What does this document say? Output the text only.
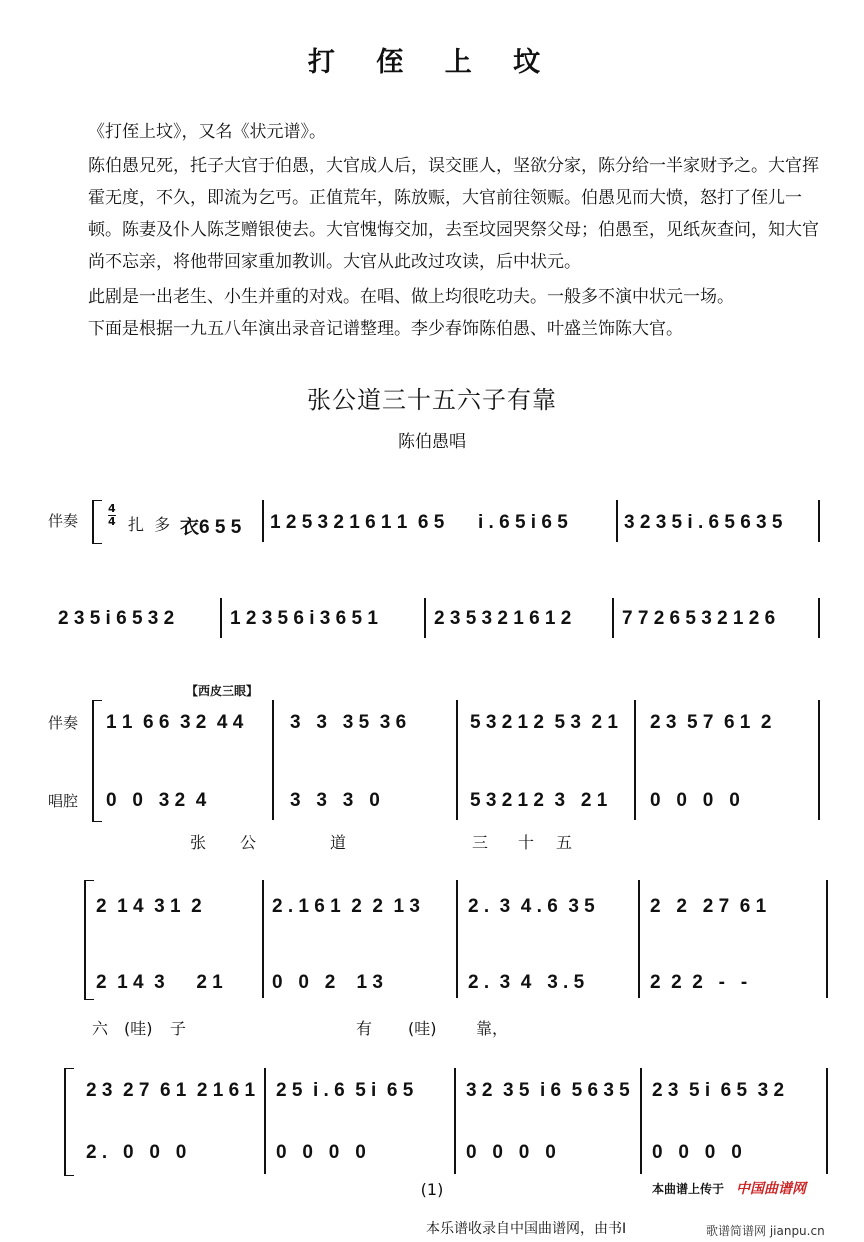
打 侄 上 坟
《打侄上坟》，又名《状元谱》。
陈伯愚兄死，托子大官于伯愚，大官成人后，误交匪人，坚欲分家，陈分给一半家财予之。大官挥霍无度，不久，即流为乞丐。正值荒年，陈放赈，大官前往领赈。伯愚见而大愤，怒打了侄儿一顿。陈妻及仆人陈芝赠银使去。大官愧悔交加，去至坟园哭祭父母；伯愚至，见纸灰查问，知大官尚不忘亲，将他带回家重加教训。大官从此改过攻读，后中状元。
此剧是一出老生、小生并重的对戏。在唱、做上均很吃功夫。一般多不演中状元一场。
下面是根据一九五八年演出录音记谱整理。李少春饰陈伯愚、叶盛兰饰陈大官。
张公道三十五六子有靠
陈伯愚唱
伴奏
4
4 扎  多 衣6 5 5 1 2 5 3 2 1 6 1 1  6 5 i . 6 5 i 6 5	3 2 3 5 i . 6 5 6 3 5
2 3 5 i 6 5 3 2	1 2 3 5 6 i 3 6 5 1	2 3 5 3 2 1 6 1 2	7 7 2 6 5 3 2 1 2 6
【西皮三眼】
伴奏
唱腔
1 1  6 6  3 2  4 4
0   0   3 2  4
3   3   3 5  3 6
3   3   3   0
5 3 2 1 2  5 3  2 1
5 3 2 1 2  3   2 1
2 3  5 7  6 1  2
0   0   0   0
张 公	道	三 十 五
2  1 4  3 1  2
2  1 4  3      2 1
2 . 1 6 1  2  2  1 3
0   0   2    1 3
2 .  3  4 . 6  3 5
2 .  3  4   3 . 5
2   2   2 7  6 1
2  2  2   -   -
六 (哇) 子	有 (哇) 靠，
2 3  2 7  6 1  2 1 6 1
2 .   0   0   0
2 5  i . 6  5 i  6 5
0   0   0   0
3 2  3 5  i 6  5 6 3 5
0   0   0   0
2 3  5 i  6 5  3 2
0   0   0   0
(1)	本曲谱上传于 中国曲谱网
本乐谱收录自中国曲谱网，由书Ⅰ	歌谱简谱网 jianpu.cn
